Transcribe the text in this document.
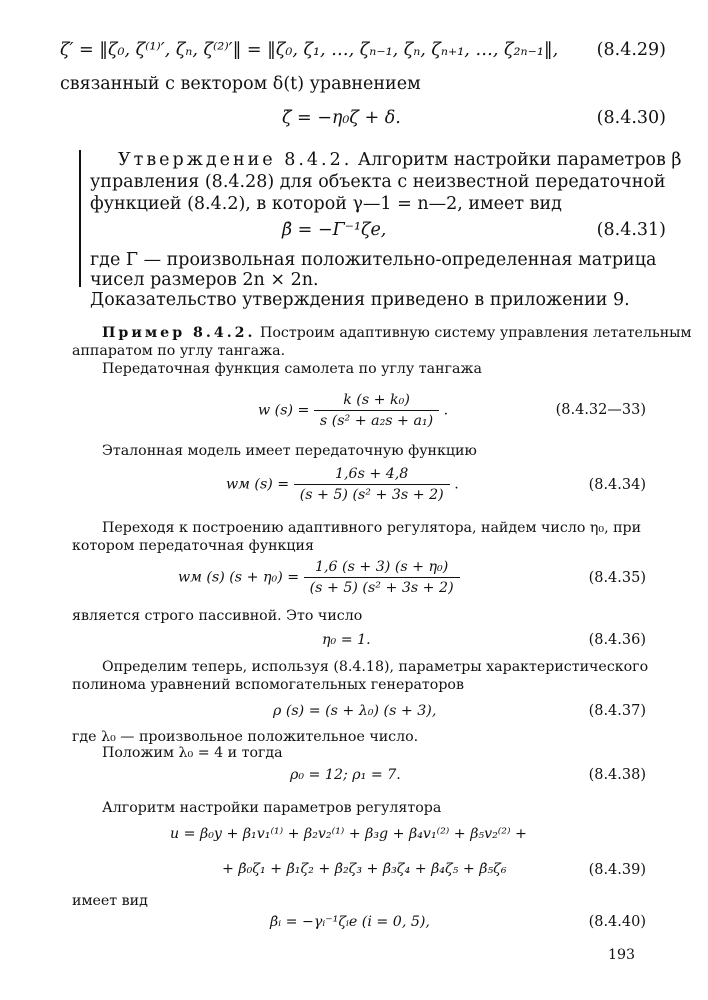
ζ′ = ‖ζ₀, ζ⁽¹⁾′, ζₙ, ζ⁽²⁾′‖ = ‖ζ₀, ζ₁, …, ζₙ₋₁, ζₙ, ζₙ₊₁, …, ζ₂ₙ₋₁‖, (8.4.29)
связанный с вектором δ(t) уравнением
ζ̇ = −η₀ζ + δ.	(8.4.30)
Утверждение 8.4.2. Алгоритм настройки параметров β
управления (8.4.28) для объекта с неизвестной передаточной
функцией (8.4.2), в которой γ—1 = n—2, имеет вид
β̇ = −Γ⁻¹ζe,	(8.4.31)
где Γ — произвольная положительно-определенная матрица
чисел размеров 2n × 2n.
Доказательство утверждения приведено в приложении 9.
Пример 8.4.2. Построим адаптивную систему управления летательным
аппаратом по углу тангажа.
Передаточная функция самолета по углу тангажа
w $(s) = \frac{\text{k (s + k₀)}}{\text{s (s² + a₂s + a₁)}}$ .	(8.4.32—33)
Эталонная модель имеет передаточную функцию
wм $(s) = \frac{1,6s + 4,8}{\text{(s + 5) (s² + 3s + 2)}}$ .	(8.4.34)
Переходя к построению адаптивного регулятора, найдем число η₀, при
котором передаточная функция
wм (s) $(s + \eta_0) = \frac{\text{1,6 (s + 3) (s + η₀)}}{\text{(s + 5) (s² + 3s + 2)}}$	(8.4.35)
является строго пассивной. Это число
η₀ = 1.	(8.4.36)
Определим теперь, используя (8.4.18), параметры характеристического
полинома уравнений вспомогательных генераторов
ρ (s) = (s + λ₀) (s + 3),	(8.4.37)
где λ₀ — произвольное положительное число.
Положим λ₀ = 4 и тогда
ρ₀ = 12; ρ₁ = 7.	(8.4.38)
Алгоритм настройки параметров регулятора
u = β₀y + β₁v₁⁽¹⁾ + β₂v₂⁽¹⁾ + β₃g + β₄v₁⁽²⁾ + β₅v₂⁽²⁾ +
+ β̇₀ζ₁ + β̇₁ζ₂ + β̇₂ζ₃ + β̇₃ζ₄ + β̇₄ζ₅ + β̇₅ζ₆	(8.4.39)
имеет вид
β̇ᵢ = −γᵢ⁻¹ζᵢe (i = 0, 5),	(8.4.40)
193
